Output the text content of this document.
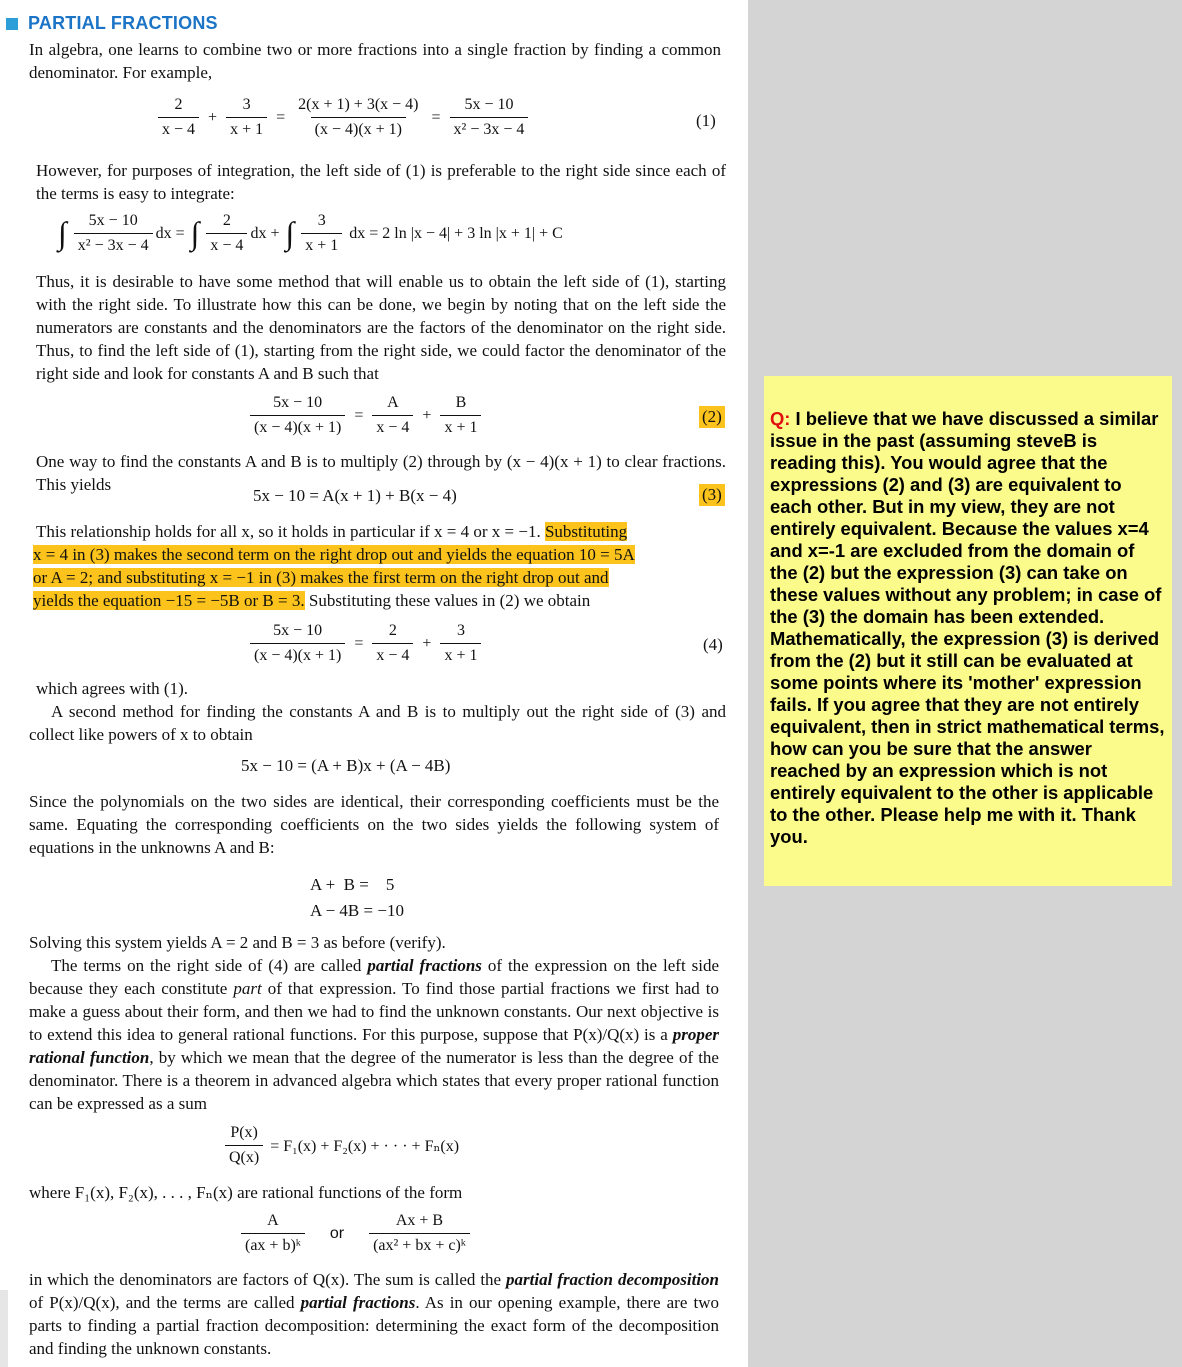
PARTIAL FRACTIONS

In algebra, one learns to combine two or more fractions into a single fraction by finding a common denominator. For example,

$\frac{2}{x - 4} + \frac{3}{x + 1} = \frac{2(x + 1) + 3(x - 4)}{(x - 4)(x + 1)} = \frac{5x - 10}{\text{x² − 3x − 4}}$	(1)

However, for purposes of integration, the left side of (1) is preferable to the right side since each of the terms is easy to integrate:

∫ $\frac{5x - 10}{\text{x² − 3x − 4}}$ dx = ∫ $\frac{2}{x - 4}$ dx + ∫ $\frac{3}{x + 1}$ dx = 2 ln |x − 4| + 3 ln |x + 1| + C

Thus, it is desirable to have some method that will enable us to obtain the left side of (1), starting with the right side. To illustrate how this can be done, we begin by noting that on the left side the numerators are constants and the denominators are the factors of the denominator on the right side. Thus, to find the left side of (1), starting from the right side, we could factor the denominator of the right side and look for constants A and B such that

$\frac{5x - 10}{(x - 4)(x + 1)} = \frac{A}{x - 4} + \frac{B}{x + 1}$	(2)

One way to find the constants A and B is to multiply (2) through by (x − 4)(x + 1) to clear fractions. This yields

5x − 10 = A(x + 1) + B(x − 4)	(3)

This relationship holds for all x, so it holds in particular if x = 4 or x = −1. Substituting

x = 4 in (3) makes the second term on the right drop out and yields the equation 10 = 5A

or A = 2; and substituting x = −1 in (3) makes the first term on the right drop out and

yields the equation −15 = −5B or B = 3. Substituting these values in (2) we obtain

$\frac{5x - 10}{(x - 4)(x + 1)} = \frac{2}{x - 4} + \frac{3}{x + 1}$	(4)

which agrees with (1).

A second method for finding the constants A and B is to multiply out the right side of (3) and collect like powers of x to obtain

5x − 10 = (A + B)x + (A − 4B)

Since the polynomials on the two sides are identical, their corresponding coefficients must be the same. Equating the corresponding coefficients on the two sides yields the following system of equations in the unknowns A and B:

A +  B =    5
A − 4B = −10

Solving this system yields A = 2 and B = 3 as before (verify).

The terms on the right side of (4) are called partial fractions of the expression on the left side because they each constitute part of that expression. To find those partial fractions we first had to make a guess about their form, and then we had to find the unknown constants. Our next objective is to extend this idea to general rational functions. For this purpose, suppose that P(x)/Q(x) is a proper rational function, by which we mean that the degree of the numerator is less than the degree of the denominator. There is a theorem in advanced algebra which states that every proper rational function can be expressed as a sum

$\frac{P(x)}{Q(x)} = F_1(x) + F_2(x)$ + · · · + Fₙ(x)

where F₁(x), F₂(x), . . . , Fₙ(x) are rational functions of the form

$\frac{A}{\text{(ax + b)ᵏ}}$ or $\frac{Ax + B}{\text{(ax² + bx + c)ᵏ}}$

in which the denominators are factors of Q(x). The sum is called the partial fraction decomposition of P(x)/Q(x), and the terms are called partial fractions. As in our opening example, there are two parts to finding a partial fraction decomposition: determining the exact form of the decomposition and finding the unknown constants.

Q: I believe that we have discussed a similar issue in the past (assuming steveB is reading this). You would agree that the expressions (2) and (3) are equivalent to each other. But in my view, they are not entirely equivalent. Because the values x=4 and x=-1 are excluded from the domain of the (2) but the expression (3) can take on these values without any problem; in case of the (3) the domain has been extended. Mathematically, the expression (3) is derived from the (2) but it still can be evaluated at some points where its 'mother' expression fails. If you agree that they are not entirely equivalent, then in strict mathematical terms, how can you be sure that the answer reached by an expression which is not entirely equivalent to the other is applicable to the other. Please help me with it. Thank you.
